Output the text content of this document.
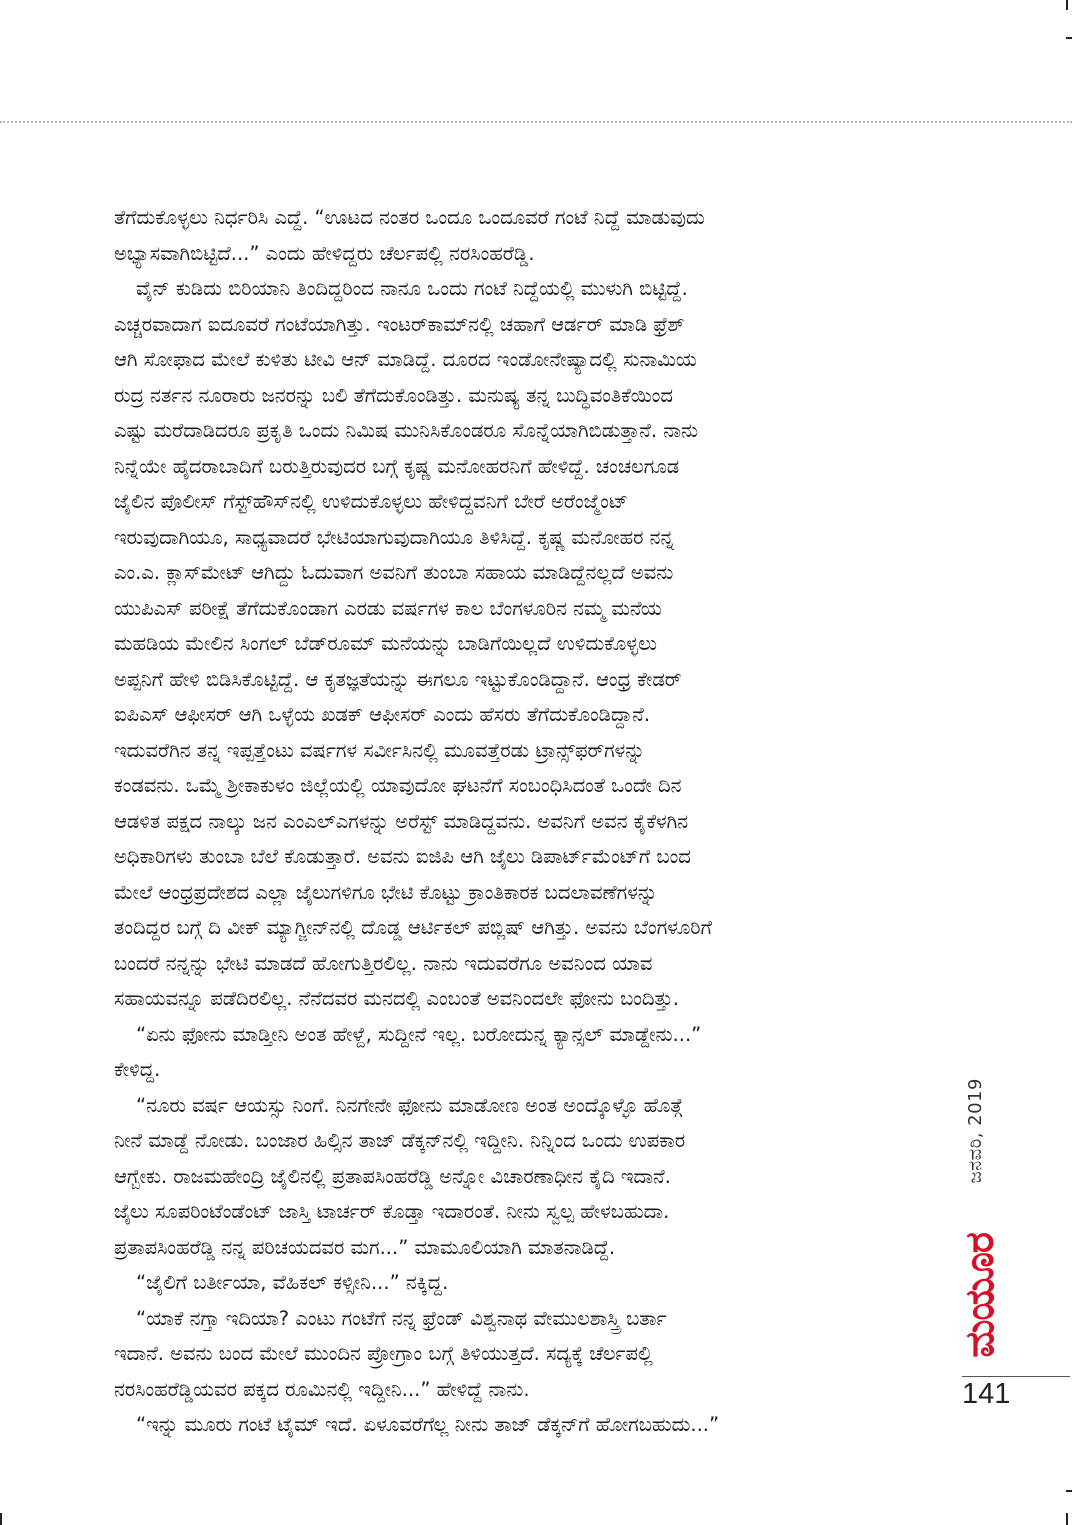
ತೆಗೆದುಕೊಳ್ಳಲು ನಿರ್ಧರಿಸಿ ಎದ್ದೆ. “ಊಟದ ನಂತರ ಒಂದೂ ಒಂದೂವರೆ ಗಂಟೆ ನಿದ್ದೆ ಮಾಡುವುದು
ಅಭ್ಯಾಸವಾಗಿಬಿಟ್ಟಿದೆ...” ಎಂದು ಹೇಳಿದ್ದರು ಚೆರ್ಲಪಲ್ಲಿ ನರಸಿಂಹರೆಡ್ಡಿ.

ವೈನ್ ಕುಡಿದು ಬಿರಿಯಾನಿ ತಿಂದಿದ್ದರಿಂದ ನಾನೂ ಒಂದು ಗಂಟೆ ನಿದ್ದೆಯಲ್ಲಿ ಮುಳುಗಿ ಬಿಟ್ಟಿದ್ದೆ.
ಎಚ್ಚರವಾದಾಗ ಐದೂವರೆ ಗಂಟೆಯಾಗಿತ್ತು. ಇಂಟರ್‌ಕಾಮ್‌ನಲ್ಲಿ ಚಹಾಗೆ ಆರ್ಡರ್ ಮಾಡಿ ಫ್ರೆಶ್
ಆಗಿ ಸೋಫಾದ ಮೇಲೆ ಕುಳಿತು ಟೀವಿ ಆನ್ ಮಾಡಿದ್ದೆ. ದೂರದ ಇಂಡೋನೇಷ್ಯಾದಲ್ಲಿ ಸುನಾಮಿಯ
ರುದ್ರ ನರ್ತನ ನೂರಾರು ಜನರನ್ನು ಬಲಿ ತೆಗೆದುಕೊಂಡಿತ್ತು. ಮನುಷ್ಯ ತನ್ನ ಬುದ್ಧಿವಂತಿಕೆಯಿಂದ
ಎಷ್ಟು ಮರೆದಾಡಿದರೂ ಪ್ರಕೃತಿ ಒಂದು ನಿಮಿಷ ಮುನಿಸಿಕೊಂಡರೂ ಸೊನ್ನೆಯಾಗಿಬಿಡುತ್ತಾನೆ. ನಾನು
ನಿನ್ನೆಯೇ ಹೈದರಾಬಾದಿಗೆ ಬರುತ್ತಿರುವುದರ ಬಗ್ಗೆ ಕೃಷ್ಣ ಮನೋಹರನಿಗೆ ಹೇಳಿದ್ದೆ. ಚಂಚಲಗೂಡ
ಜೈಲಿನ ಪೊಲೀಸ್ ಗೆಸ್ಟ್‌ಹೌಸ್‌ನಲ್ಲಿ ಉಳಿದುಕೊಳ್ಳಲು ಹೇಳಿದ್ದವನಿಗೆ ಬೇರೆ ಅರೆಂಜ್ಮೆಂಟ್
ಇರುವುದಾಗಿಯೂ, ಸಾಧ್ಯವಾದರೆ ಭೇಟಿಯಾಗುವುದಾಗಿಯೂ ತಿಳಿಸಿದ್ದೆ. ಕೃಷ್ಣ ಮನೋಹರ ನನ್ನ
ಎಂ.ಎ. ಕ್ಲಾಸ್‌ಮೇಟ್ ಆಗಿದ್ದು ಓದುವಾಗ ಅವನಿಗೆ ತುಂಬಾ ಸಹಾಯ ಮಾಡಿದ್ದೆನಲ್ಲದೆ ಅವನು
ಯುಪಿಎಸ್ ಪರೀಕ್ಷೆ ತೆಗೆದುಕೊಂಡಾಗ ಎರಡು ವರ್ಷಗಳ ಕಾಲ ಬೆಂಗಳೂರಿನ ನಮ್ಮ ಮನೆಯ
ಮಹಡಿಯ ಮೇಲಿನ ಸಿಂಗಲ್ ಬೆಡ್‌ರೂಮ್ ಮನೆಯನ್ನು ಬಾಡಿಗೆಯಿಲ್ಲದೆ ಉಳಿದುಕೊಳ್ಳಲು
ಅಪ್ಪನಿಗೆ ಹೇಳಿ ಬಿಡಿಸಿಕೊಟ್ಟಿದ್ದೆ. ಆ ಕೃತಜ್ಞತೆಯನ್ನು ಈಗಲೂ ಇಟ್ಟುಕೊಂಡಿದ್ದಾನೆ. ಆಂಧ್ರ ಕೇಡರ್
ಐಪಿಎಸ್ ಆಫೀಸರ್ ಆಗಿ ಒಳ್ಳೆಯ ಖಡಕ್ ಆಫೀಸರ್ ಎಂದು ಹೆಸರು ತೆಗೆದುಕೊಂಡಿದ್ದಾನೆ.
ಇದುವರೆಗಿನ ತನ್ನ ಇಪ್ಪತ್ತೆಂಟು ವರ್ಷಗಳ ಸರ್ವೀಸಿನಲ್ಲಿ ಮೂವತ್ತೆರಡು ಟ್ರಾನ್ಸ್‌ಫರ್‌ಗಳನ್ನು
ಕಂಡವನು. ಒಮ್ಮೆ ಶ್ರೀಕಾಕುಳಂ ಜಿಲ್ಲೆಯಲ್ಲಿ ಯಾವುದೋ ಘಟನೆಗೆ ಸಂಬಂಧಿಸಿದಂತೆ ಒಂದೇ ದಿನ
ಆಡಳಿತ ಪಕ್ಷದ ನಾಲ್ಕು ಜನ ಎಂಎಲ್‌ಎಗಳನ್ನು ಅರೆಸ್ಟ್ ಮಾಡಿದ್ದವನು. ಅವನಿಗೆ ಅವನ ಕೈಕೆಳಗಿನ
ಅಧಿಕಾರಿಗಳು ತುಂಬಾ ಬೆಲೆ ಕೊಡುತ್ತಾರೆ. ಅವನು ಐಜಿಪಿ ಆಗಿ ಜೈಲು ಡಿಪಾರ್ಟ್‌ಮೆಂಟ್‌ಗೆ ಬಂದ
ಮೇಲೆ ಆಂಧ್ರಪ್ರದೇಶದ ಎಲ್ಲಾ ಜೈಲುಗಳಿಗೂ ಭೇಟಿ ಕೊಟ್ಟು ಕ್ರಾಂತಿಕಾರಕ ಬದಲಾವಣೆಗಳನ್ನು
ತಂದಿದ್ದರ ಬಗ್ಗೆ ದಿ ವೀಕ್ ಮ್ಯಾಗ್ಜೀನ್‌ನಲ್ಲಿ ದೊಡ್ಡ ಆರ್ಟಿಕಲ್ ಪಬ್ಲಿಷ್ ಆಗಿತ್ತು. ಅವನು ಬೆಂಗಳೂರಿಗೆ
ಬಂದರೆ ನನ್ನನ್ನು ಭೇಟಿ ಮಾಡದೆ ಹೋಗುತ್ತಿರಲಿಲ್ಲ. ನಾನು ಇದುವರೆಗೂ ಅವನಿಂದ ಯಾವ
ಸಹಾಯವನ್ನೂ ಪಡೆದಿರಲಿಲ್ಲ. ನೆನೆದವರ ಮನದಲ್ಲಿ ಎಂಬಂತೆ ಅವನಿಂದಲೇ ಫೋನು ಬಂದಿತ್ತು.

“ಏನು ಫೋನು ಮಾಡ್ತೀನಿ ಅಂತ ಹೇಳ್ದೆ, ಸುದ್ದೀನೆ ಇಲ್ಲ. ಬರೋದುನ್ನ ಕ್ಯಾನ್ಸಲ್ ಮಾಡ್ದೇನು...”
ಕೇಳಿದ್ದ.

“ನೂರು ವರ್ಷ ಆಯಸ್ಸು ನಿಂಗೆ. ನಿನಗೇನೇ ಫೋನು ಮಾಡೋಣ ಅಂತ ಅಂದ್ಕೊಳ್ಳೊ ಹೊತ್ಗೆ
ನೀನೆ ಮಾಡ್ದೆ ನೋಡು. ಬಂಜಾರ ಹಿಲ್ಸಿನ ತಾಜ್ ಡೆಕ್ಕನ್‌ನಲ್ಲಿ ಇದ್ದೀನಿ. ನಿನ್ನಿಂದ ಒಂದು ಉಪಕಾರ
ಆಗ್ಬೇಕು. ರಾಜಮಹೇಂದ್ರಿ ಜೈಲಿನಲ್ಲಿ ಪ್ರತಾಪಸಿಂಹರೆಡ್ಡಿ ಅನ್ನೋ ವಿಚಾರಣಾಧೀನ ಕೈದಿ ಇದಾನೆ.
ಜೈಲು ಸೂಪರಿಂಟೆಂಡೆಂಟ್ ಜಾಸ್ತಿ ಟಾರ್ಚರ್ ಕೊಡ್ತಾ ಇದಾರಂತೆ. ನೀನು ಸ್ವಲ್ಪ ಹೇಳಬಹುದಾ.
ಪ್ರತಾಪಸಿಂಹರೆಡ್ಡಿ ನನ್ನ ಪರಿಚಯದವರ ಮಗ...” ಮಾಮೂಲಿಯಾಗಿ ಮಾತನಾಡಿದ್ದೆ.

“ಜೈಲಿಗೆ ಬರ್ತೀಯಾ, ವೆಹಿಕಲ್ ಕಳ್ಸೀನಿ...” ನಕ್ಕಿದ್ದ.

“ಯಾಕೆ ನಗ್ತಾ ಇದಿಯಾ? ಎಂಟು ಗಂಟೆಗೆ ನನ್ನ ಫ್ರೆಂಡ್ ವಿಶ್ವನಾಥ ವೇಮುಲಶಾಸ್ತ್ರಿ ಬರ್ತಾ
ಇದಾನೆ. ಅವನು ಬಂದ ಮೇಲೆ ಮುಂದಿನ ಪ್ರೋಗ್ರಾಂ ಬಗ್ಗೆ ತಿಳಿಯುತ್ತದೆ. ಸದ್ಯಕ್ಕೆ ಚೆರ್ಲಪಲ್ಲಿ
ನರಸಿಂಹರೆಡ್ಡಿಯವರ ಪಕ್ಕದ ರೂಮಿನಲ್ಲಿ ಇದ್ದೀನಿ...” ಹೇಳಿದ್ದೆ ನಾನು.

“ಇನ್ನು ಮೂರು ಗಂಟೆ ಟೈಮ್ ಇದೆ. ಏಳೂವರೆಗೆಲ್ಲ ನೀನು ತಾಜ್ ಡೆಕ್ಕನ್‌ಗೆ ಹೋಗಬಹುದು...”

ಜನವರಿ, 2019
ಮಯೂರ
141
